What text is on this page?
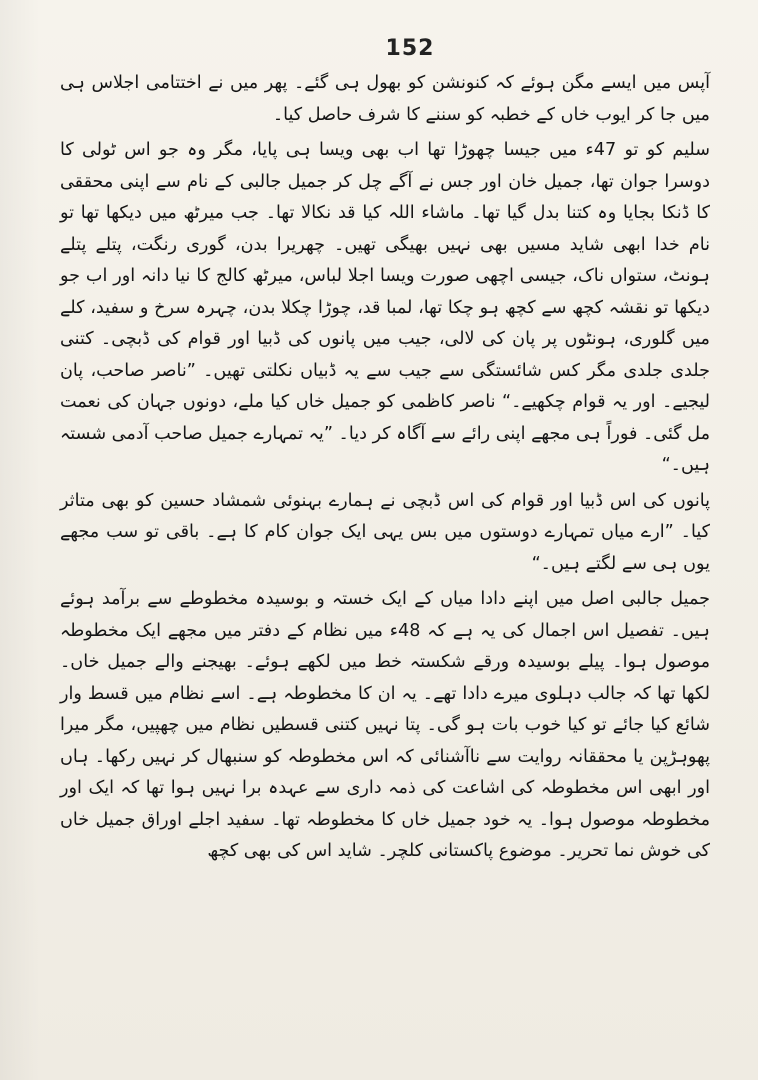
152

آپس میں ایسے مگن ہوئے کہ کنونشن کو بھول ہی گئے۔ پھر میں نے اختتامی اجلاس ہی میں جا کر ایوب خاں کے خطبہ کو سننے کا شرف حاصل کیا۔

سلیم کو تو 47ء میں جیسا چھوڑا تھا اب بھی ویسا ہی پایا، مگر وہ جو اس ٹولی کا دوسرا جوان تھا، جمیل خان اور جس نے آگے چل کر جمیل جالبی کے نام سے اپنی محققی کا ڈنکا بجایا وہ کتنا بدل گیا تھا۔ ماشاء اللہ کیا قد نکالا تھا۔ جب میرٹھ میں دیکھا تھا تو نام خدا ابھی شاید مسیں بھی نہیں بھیگی تھیں۔ چھریرا بدن، گوری رنگت، پتلے پتلے ہونٹ، ستواں ناک، جیسی اچھی صورت ویسا اجلا لباس، میرٹھ کالج کا نیا دانہ اور اب جو دیکھا تو نقشہ کچھ سے کچھ ہو چکا تھا، لمبا قد، چوڑا چکلا بدن، چہرہ سرخ و سفید، کلے میں گلوری، ہونٹوں پر پان کی لالی، جیب میں پانوں کی ڈبیا اور قوام کی ڈبچی۔ کتنی جلدی جلدی مگر کس شائستگی سے جیب سے یہ ڈبیاں نکلتی تھیں۔ ”ناصر صاحب، پان لیجیے۔ اور یہ قوام چکھیے۔“ ناصر کاظمی کو جمیل خاں کیا ملے، دونوں جہان کی نعمت مل گئی۔ فوراً ہی مجھے اپنی رائے سے آگاہ کر دیا۔ ”یہ تمہارے جمیل صاحب آدمی شستہ ہیں۔“

پانوں کی اس ڈبیا اور قوام کی اس ڈبچی نے ہمارے بہنوئی شمشاد حسین کو بھی متاثر کیا۔ ”ارے میاں تمہارے دوستوں میں بس یہی ایک جوان کام کا ہے۔ باقی تو سب مجھے یوں ہی سے لگتے ہیں۔“

جمیل جالبی اصل میں اپنے دادا میاں کے ایک خستہ و بوسیدہ مخطوطے سے برآمد ہوئے ہیں۔ تفصیل اس اجمال کی یہ ہے کہ 48ء میں نظام کے دفتر میں مجھے ایک مخطوطہ موصول ہوا۔ پیلے بوسیدہ ورقے شکستہ خط میں لکھے ہوئے۔ بھیجنے والے جمیل خاں۔ لکھا تھا کہ جالب دہلوی میرے دادا تھے۔ یہ ان کا مخطوطہ ہے۔ اسے نظام میں قسط وار شائع کیا جائے تو کیا خوب بات ہو گی۔ پتا نہیں کتنی قسطیں نظام میں چھپیں، مگر میرا پھوہڑپن یا محققانہ روایت سے ناآشنائی کہ اس مخطوطہ کو سنبھال کر نہیں رکھا۔ ہاں اور ابھی اس مخطوطہ کی اشاعت کی ذمہ داری سے عہدہ برا نہیں ہوا تھا کہ ایک اور مخطوطہ موصول ہوا۔ یہ خود جمیل خاں کا مخطوطہ تھا۔ سفید اجلے اوراق جمیل خاں کی خوش نما تحریر۔ موضوع پاکستانی کلچر۔ شاید اس کی بھی کچھ
